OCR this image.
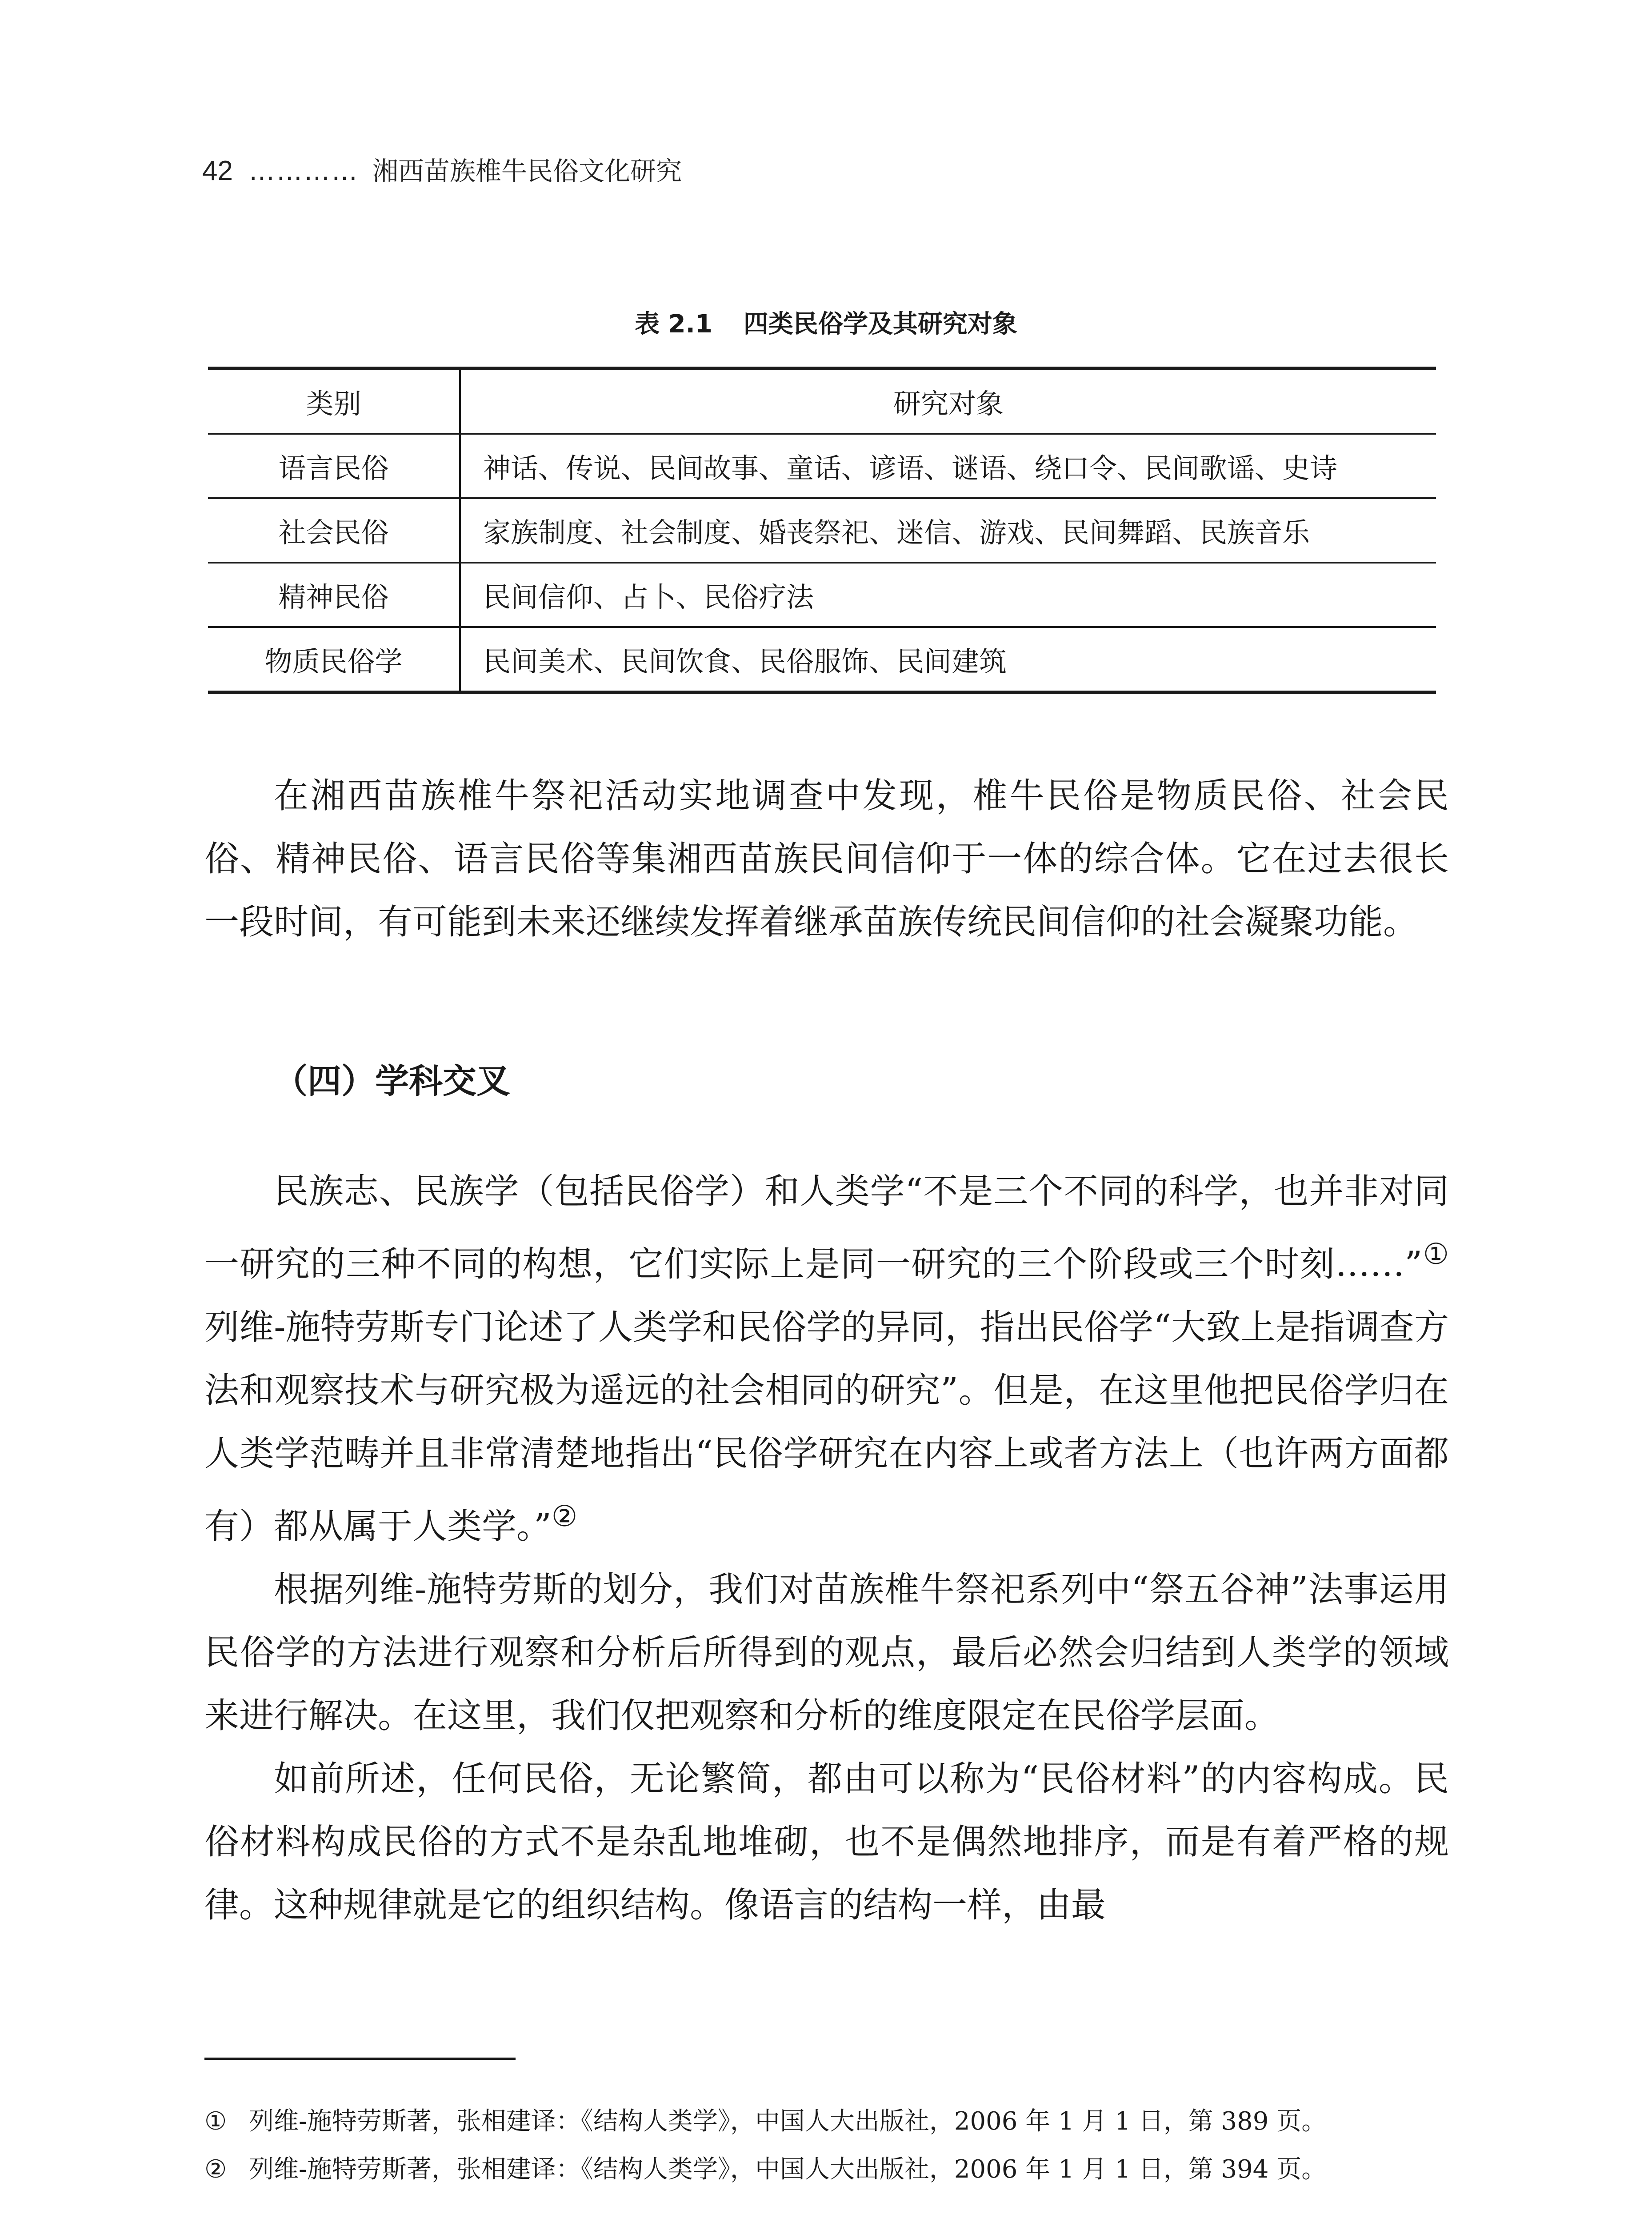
42 ………… 湘西苗族椎牛民俗文化研究
表 2.1 四类民俗学及其研究对象
类别	研究对象
语言民俗	神话、传说、民间故事、童话、谚语、谜语、绕口令、民间歌谣、史诗
社会民俗	家族制度、社会制度、婚丧祭祀、迷信、游戏、民间舞蹈、民族音乐
精神民俗	民间信仰、占卜、民俗疗法
物质民俗学	民间美术、民间饮食、民俗服饰、民间建筑

在湘西苗族椎牛祭祀活动实地调查中发现，椎牛民俗是物质民俗、社会民俗、精神民俗、语言民俗等集湘西苗族民间信仰于一体的综合体。它在过去很长一段时间，有可能到未来还继续发挥着继承苗族传统民间信仰的社会凝聚功能。

（四）学科交叉

民族志、民族学（包括民俗学）和人类学“不是三个不同的科学，也并非对同一研究的三种不同的构想，它们实际上是同一研究的三个阶段或三个时刻……”①列维-施特劳斯专门论述了人类学和民俗学的异同，指出民俗学“大致上是指调查方法和观察技术与研究极为遥远的社会相同的研究”。但是，在这里他把民俗学归在人类学范畴并且非常清楚地指出“民俗学研究在内容上或者方法上（也许两方面都有）都从属于人类学。”②

根据列维-施特劳斯的划分，我们对苗族椎牛祭祀系列中“祭五谷神”法事运用民俗学的方法进行观察和分析后所得到的观点，最后必然会归结到人类学的领域来进行解决。在这里，我们仅把观察和分析的维度限定在民俗学层面。

如前所述，任何民俗，无论繁简，都由可以称为“民俗材料”的内容构成。民俗材料构成民俗的方式不是杂乱地堆砌，也不是偶然地排序，而是有着严格的规律。这种规律就是它的组织结构。像语言的结构一样，由最

① 列维-施特劳斯著，张相建译：《结构人类学》，中国人大出版社，2006 年 1 月 1 日，第 389 页。
② 列维-施特劳斯著，张相建译：《结构人类学》，中国人大出版社，2006 年 1 月 1 日，第 394 页。
